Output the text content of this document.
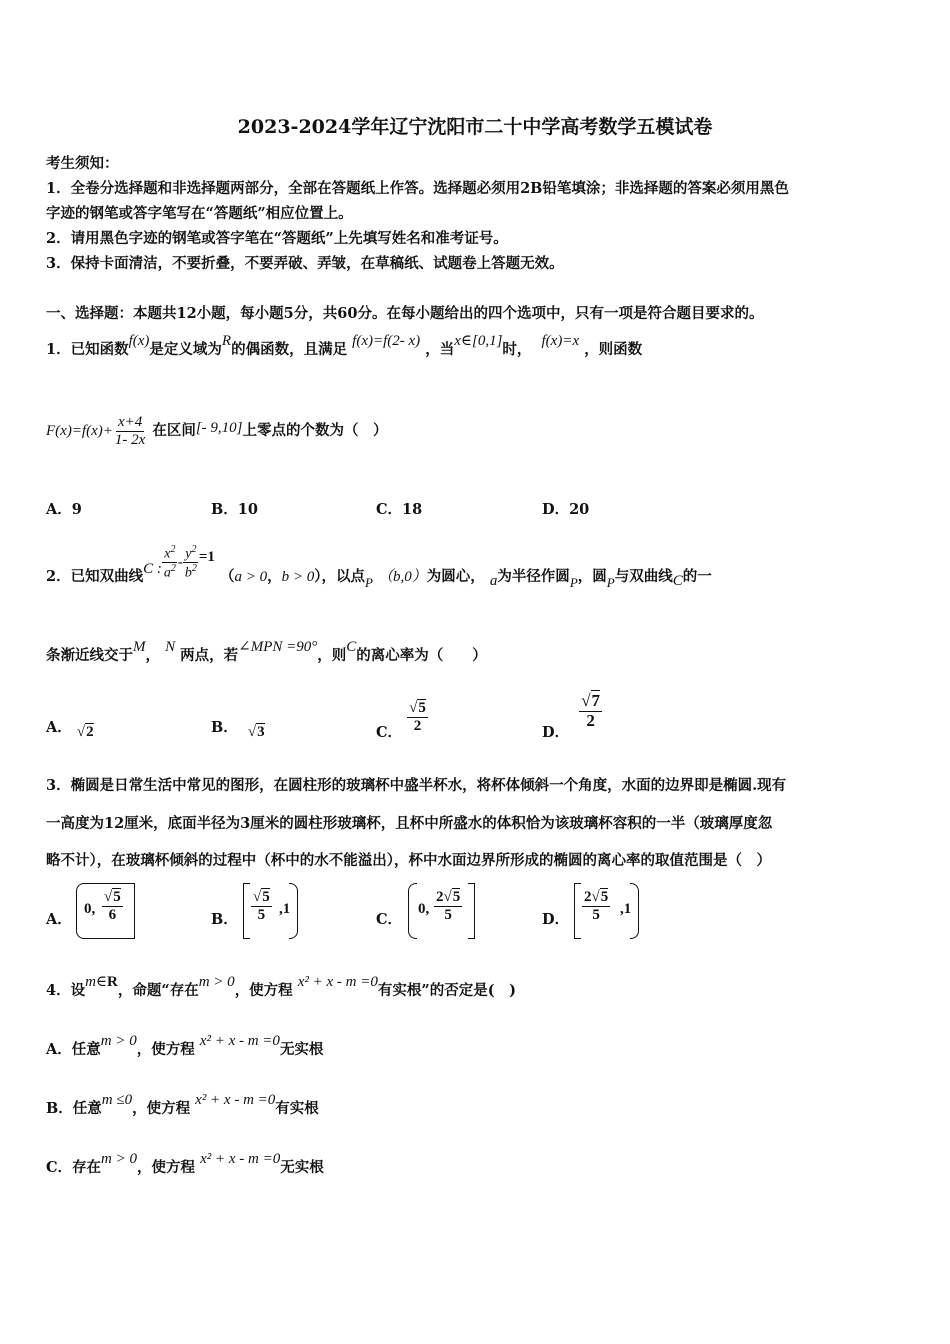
2023-2024学年辽宁沈阳市二十中学高考数学五模试卷
考生须知：
1．全卷分选择题和非选择题两部分，全部在答题纸上作答。选择题必须用2B铅笔填涂；非选择题的答案必须用黑色
字迹的钢笔或答字笔写在“答题纸”相应位置上。
2．请用黑色字迹的钢笔或答字笔在“答题纸”上先填写姓名和准考证号。
3．保持卡面清洁，不要折叠，不要弄破、弄皱，在草稿纸、试题卷上答题无效。
一、选择题：本题共12小题，每小题5分，共60分。在每小题给出的四个选项中，只有一项是符合题目要求的。
1．已知函数f(x)是定义域为R的偶函数，且满足 f(x)=f(2- x) ，当x∈[0,1]时， f(x)=x ，则函数
$F(x)=f(x)+ \frac{x+4}{1- 2x}$ 在区间[- 9,10]上零点的个数为（　）
A．9	B．10	C．18	D．20
2．已知双曲线C : $\frac{x^2}{a^2} - \frac{y^2}{b^2} =1$ （a > 0，b > 0），以点P （b,0）为圆心， a为半径作圆P，圆P与双曲线C的一
条渐近线交于M， N 两点，若∠MPN =90°，则C的离心率为（　　）
A． √2	B． √3	C． $\frac{√5}{2}$	D．
$\frac{√7}{2}$
3．椭圆是日常生活中常见的图形，在圆柱形的玻璃杯中盛半杯水，将杯体倾斜一个角度，水面的边界即是椭圆.现有
一高度为12厘米，底面半径为3厘米的圆柱形玻璃杯，且杯中所盛水的体积恰为该玻璃杯容积的一半（玻璃厚度忽
略不计），在玻璃杯倾斜的过程中（杯中的水不能溢出），杯中水面边界所形成的椭圆的离心率的取值范围是（　）
A．
0, $\frac{√5}{6}$	B． $\frac{√5}{5} ,1$
C．
0, $\frac{2√5}{5}$	D． $\frac{2√5}{5} ,1$
4．设m∈R，命题“存在m > 0，使方程 x² + x - m =0有实根”的否定是(　)
A．任意m > 0，使方程 x² + x - m =0无实根
B．任意m ≤0，使方程 x² + x - m =0有实根
C．存在m > 0，使方程 x² + x - m =0无实根
